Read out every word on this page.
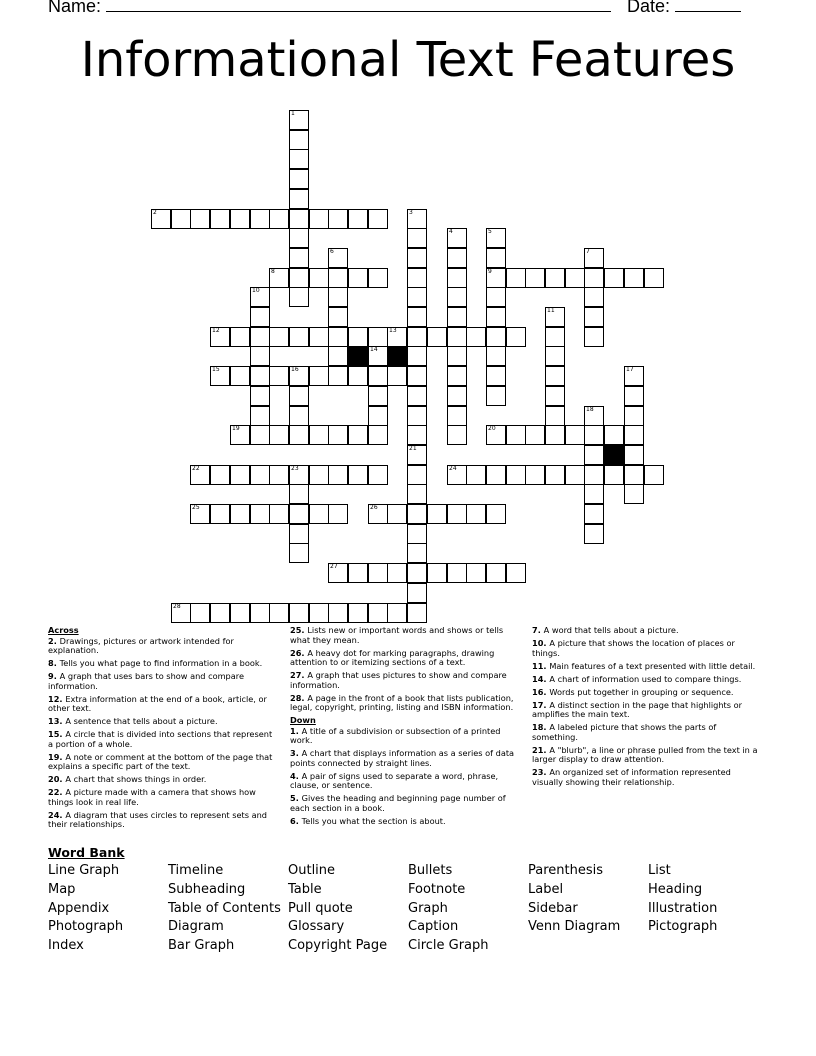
Name:	Date:
Informational Text Features
1
2	3
4	5
9
6	7
8
10
11
12	13
14
15	16	17
18
19	20
21
22	23	24
25	26
27
28
Across
2. Drawings, pictures or artwork intended for explanation.
8. Tells you what page to find information in a book.
9. A graph that uses bars to show and compare information.
12. Extra information at the end of a book, article, or other text.
13. A sentence that tells about a picture.
15. A circle that is divided into sections that represent a portion of a whole.
19. A note or comment at the bottom of the page that explains a specific part of the text.
20. A chart that shows things in order.
22. A picture made with a camera that shows how things look in real life.
24. A diagram that uses circles to represent sets and their relationships.
25. Lists new or important words and shows or tells what they mean.
26. A heavy dot for marking paragraphs, drawing attention to or itemizing sections of a text.
27. A graph that uses pictures to show and compare information.
28. A page in the front of a book that lists publication, legal, copyright, printing, listing and ISBN information.
Down
1. A title of a subdivision or subsection of a printed work.
3. A chart that displays information as a series of data points connected by straight lines.
4. A pair of signs used to separate a word, phrase, clause, or sentence.
5. Gives the heading and beginning page number of each section in a book.
6. Tells you what the section is about.
7. A word that tells about a picture.
10. A picture that shows the location of places or things.
11. Main features of a text presented with little detail.
14. A chart of information used to compare things.
16. Words put together in grouping or sequence.
17. A distinct section in the page that highlights or amplifies the main text.
18. A labeled picture that shows the parts of something.
21. A "blurb", a line or phrase pulled from the text in a larger display to draw attention.
23. An organized set of information represented visually showing their relationship.
Word Bank
Line Graph
Map
Appendix
Photograph
Index
Timeline
Subheading
Table of Contents
Diagram
Bar Graph
Outline
Table
Pull quote
Glossary
Copyright Page
Bullets
Footnote
Graph
Caption
Circle Graph
Parenthesis
Label
Sidebar
Venn Diagram
List
Heading
Illustration
Pictograph
